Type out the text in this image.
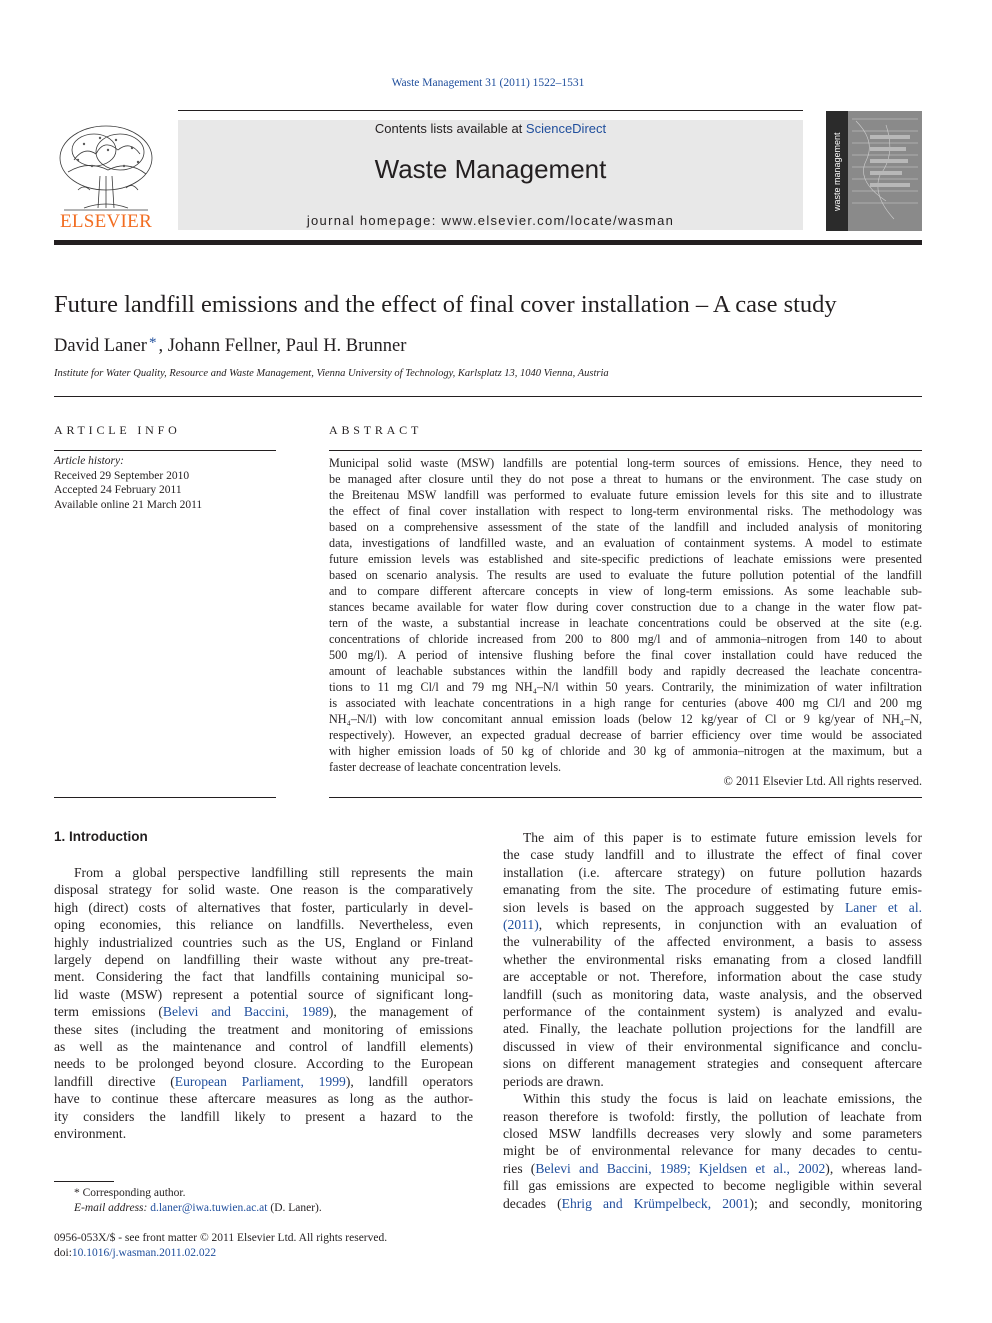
Waste Management 31 (2011) 1522–1531
ELSEVIER
Contents lists available at ScienceDirect
Waste Management
journal homepage: www.elsevier.com/locate/wasman
waste management
Future landfill emissions and the effect of final cover installation – A case study
David Laner * , Johann Fellner, Paul H. Brunner
Institute for Water Quality, Resource and Waste Management, Vienna University of Technology, Karlsplatz 13, 1040 Vienna, Austria
ARTICLE INFO
Article history:
Received 29 September 2010
Accepted 24 February 2011
Available online 21 March 2011
ABSTRACT
Municipal solid waste (MSW) landfills are potential long-term sources of emissions. Hence, they need to
be managed after closure until they do not pose a threat to humans or the environment. The case study on
the Breitenau MSW landfill was performed to evaluate future emission levels for this site and to illustrate
the effect of final cover installation with respect to long-term environmental risks. The methodology was
based on a comprehensive assessment of the state of the landfill and included analysis of monitoring
data, investigations of landfilled waste, and an evaluation of containment systems. A model to estimate
future emission levels was established and site-specific predictions of leachate emissions were presented
based on scenario analysis. The results are used to evaluate the future pollution potential of the landfill
and to compare different aftercare concepts in view of long-term emissions. As some leachable sub-
stances became available for water flow during cover construction due to a change in the water flow pat-
tern of the waste, a substantial increase in leachate concentrations could be observed at the site (e.g.
concentrations of chloride increased from 200 to 800 mg/l and of ammonia–nitrogen from 140 to about
500 mg/l). A period of intensive flushing before the final cover installation could have reduced the
amount of leachable substances within the landfill body and rapidly decreased the leachate concentra-
tions to 11 mg Cl/l and 79 mg NH₄–N/l within 50 years. Contrarily, the minimization of water infiltration
is associated with leachate concentrations in a high range for centuries (above 400 mg Cl/l and 200 mg
NH₄–N/l) with low concomitant annual emission loads (below 12 kg/year of Cl or 9 kg/year of NH₄–N,
respectively). However, an expected gradual decrease of barrier efficiency over time would be associated
with higher emission loads of 50 kg of chloride and 30 kg of ammonia–nitrogen at the maximum, but a
faster decrease of leachate concentration levels.
© 2011 Elsevier Ltd. All rights reserved.
1. Introduction
From a global perspective landfilling still represents the main
disposal strategy for solid waste. One reason is the comparatively
high (direct) costs of alternatives that foster, particularly in devel-
oping economies, this reliance on landfills. Nevertheless, even
highly industrialized countries such as the US, England or Finland
largely depend on landfilling their waste without any pre-treat-
ment. Considering the fact that landfills containing municipal so-
lid waste (MSW) represent a potential source of significant long-
term emissions (Belevi and Baccini, 1989), the management of
these sites (including the treatment and monitoring of emissions
as well as the maintenance and control of landfill elements)
needs to be prolonged beyond closure. According to the European
landfill directive (European Parliament, 1999), landfill operators
have to continue these aftercare measures as long as the author-
ity considers the landfill likely to present a hazard to the
environment.
The aim of this paper is to estimate future emission levels for
the case study landfill and to illustrate the effect of final cover
installation (i.e. aftercare strategy) on future pollution hazards
emanating from the site. The procedure of estimating future emis-
sion levels is based on the approach suggested by Laner et al.
(2011), which represents, in conjunction with an evaluation of
the vulnerability of the affected environment, a basis to assess
whether the environmental risks emanating from a closed landfill
are acceptable or not. Therefore, information about the case study
landfill (such as monitoring data, waste analysis, and the observed
performance of the containment system) is analyzed and evalu-
ated. Finally, the leachate pollution projections for the landfill are
discussed in view of their environmental significance and conclu-
sions on different management strategies and consequent aftercare
periods are drawn.
Within this study the focus is laid on leachate emissions, the
reason therefore is twofold: firstly, the pollution of leachate from
closed MSW landfills decreases very slowly and some parameters
might be of environmental relevance for many decades to centu-
ries (Belevi and Baccini, 1989; Kjeldsen et al., 2002), whereas land-
fill gas emissions are expected to become negligible within several
decades (Ehrig and Krümpelbeck, 2001); and secondly, monitoring
* Corresponding author.
E-mail address: d.laner@iwa.tuwien.ac.at (D. Laner).
0956-053X/$ - see front matter © 2011 Elsevier Ltd. All rights reserved.
doi:10.1016/j.wasman.2011.02.022
